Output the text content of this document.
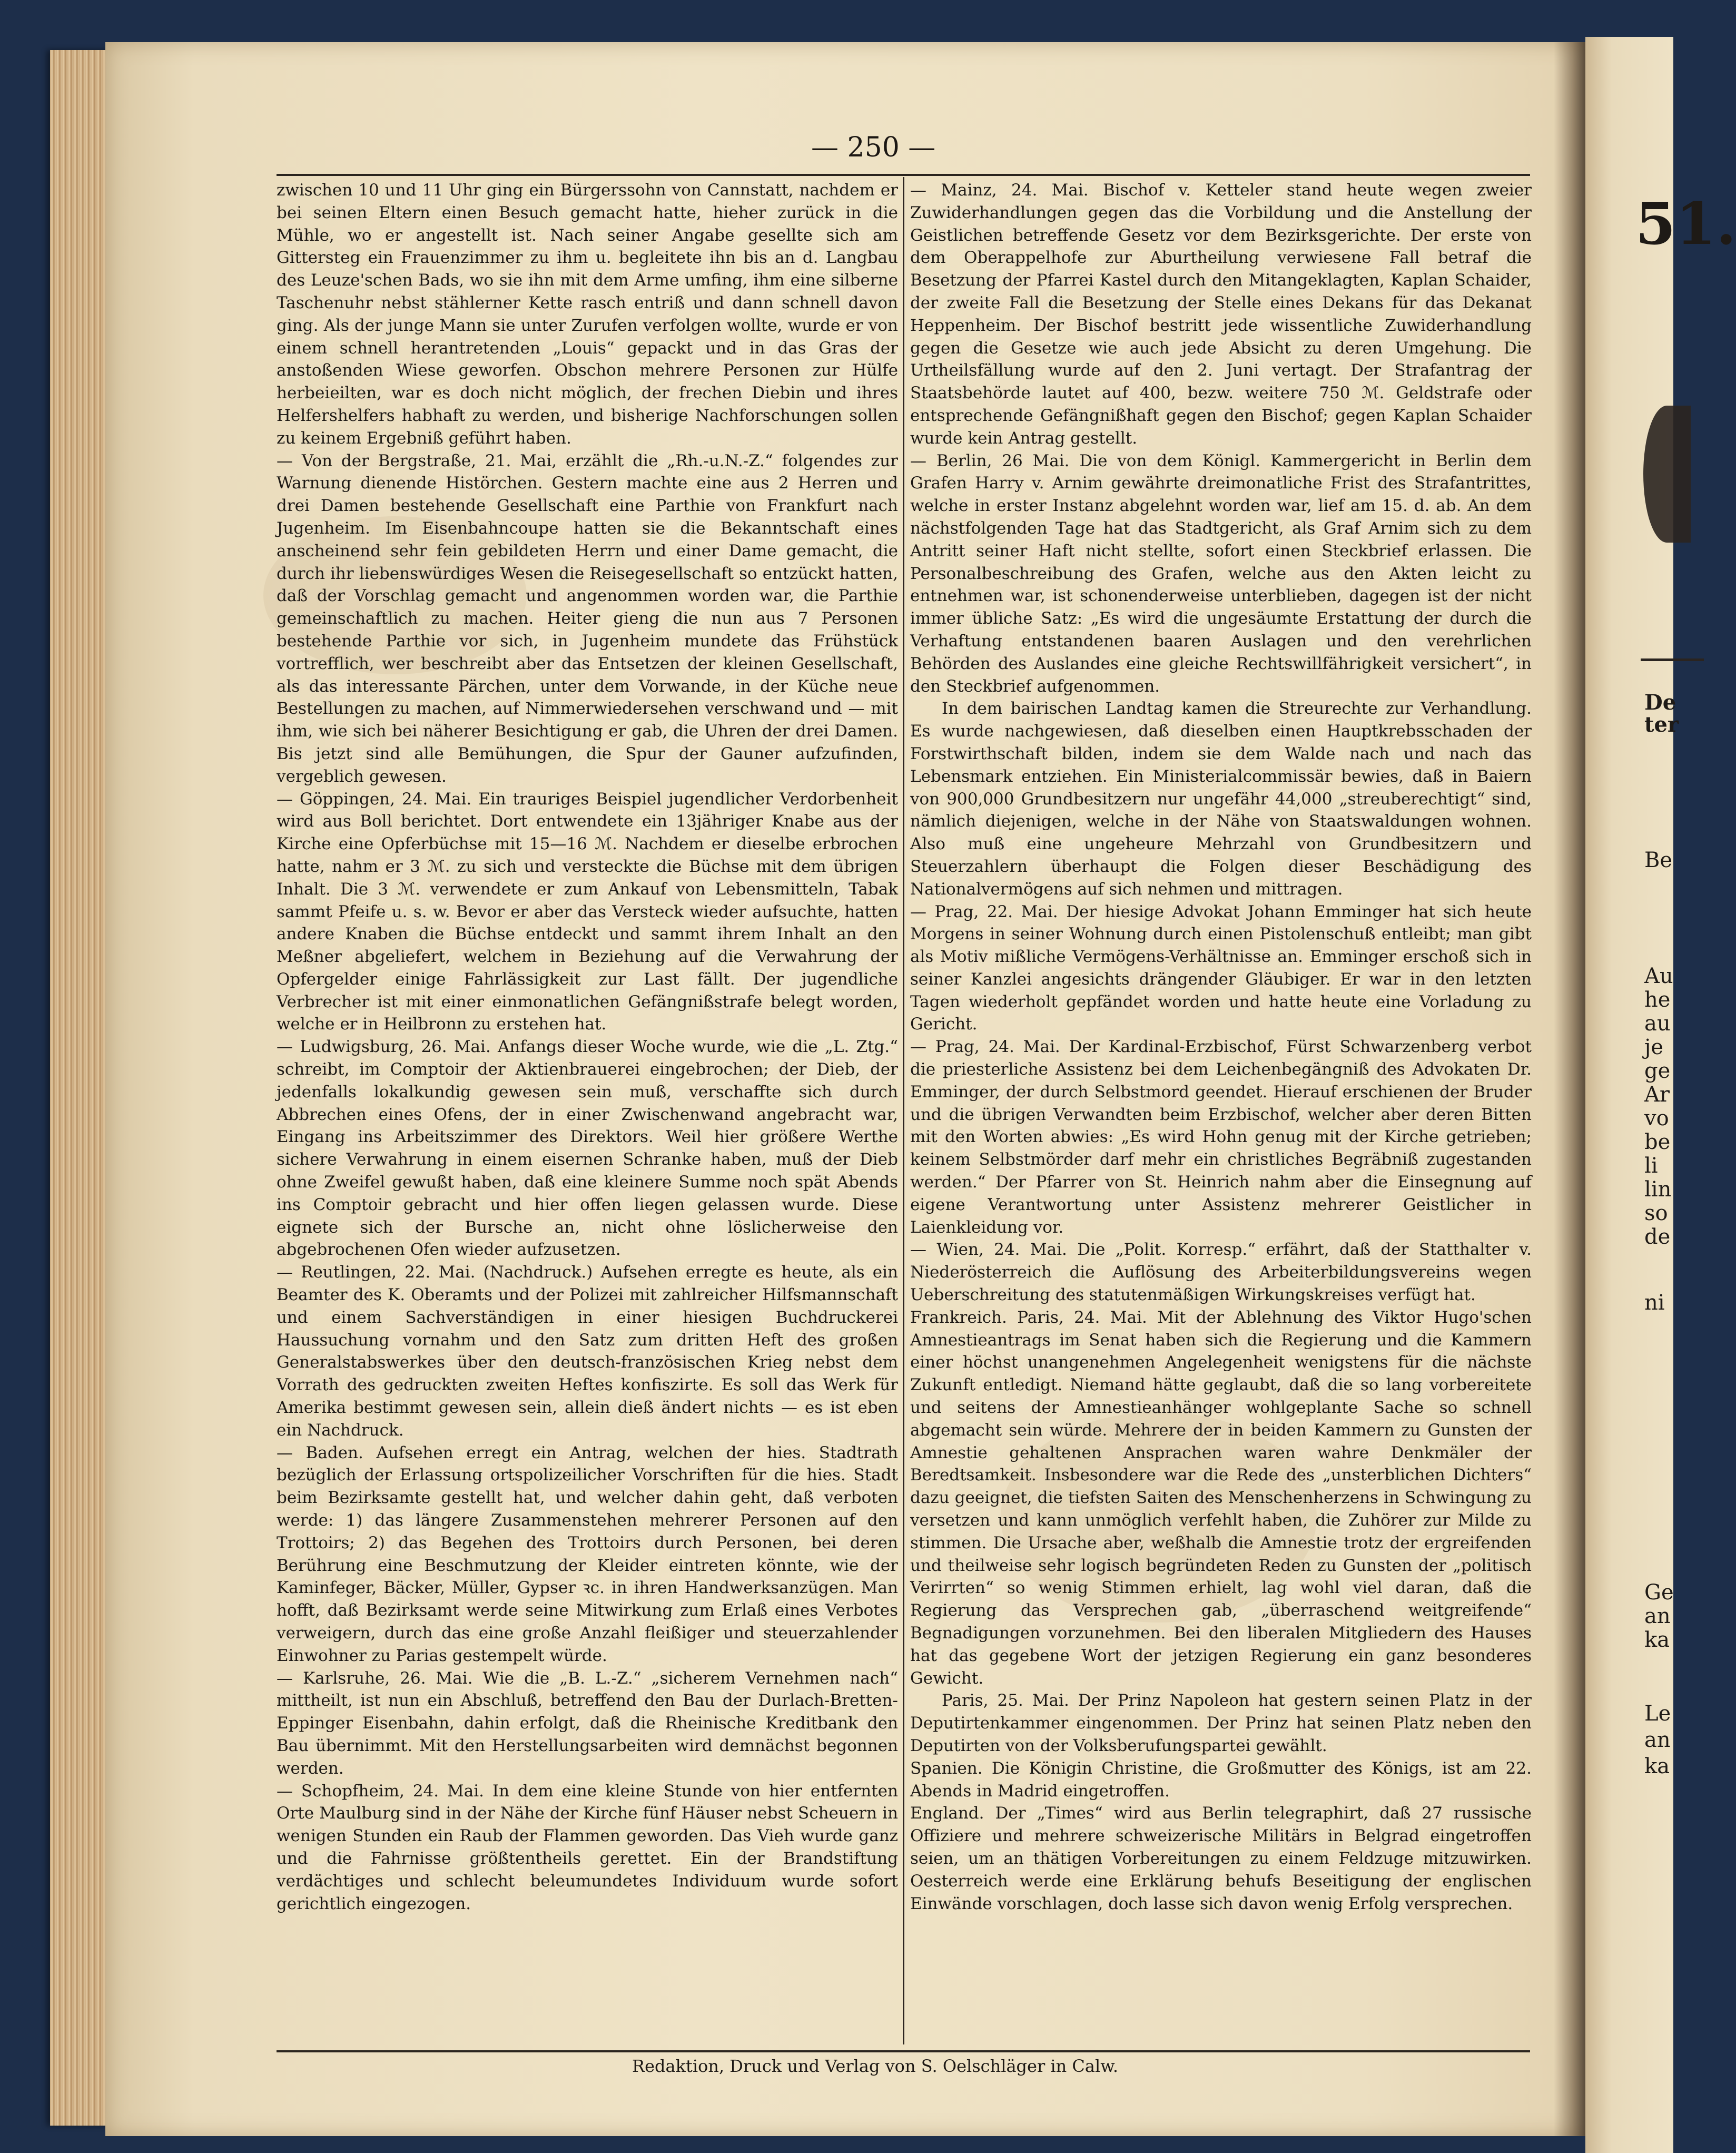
51.
De
ter
Be
Au
he
au
je
ge
Ar
vo
be
li
lin
so
de
ni
Ge
an
ka
Le
an
ka
— 250 —

zwischen 10 und 11 Uhr ging ein Bürgerssohn von Cannstatt, nachdem er bei seinen Eltern einen Besuch gemacht hatte, hieher zurück in die Mühle, wo er angestellt ist. Nach seiner Angabe gesellte sich am Gittersteg ein Frauenzimmer zu ihm u. begleitete ihn bis an d. Langbau des Leuze'schen Bads, wo sie ihn mit dem Arme umfing, ihm eine silberne Taschenuhr nebst stählerner Kette rasch entriß und dann schnell davon ging. Als der junge Mann sie unter Zurufen verfolgen wollte, wurde er von einem schnell herantretenden „Louis“ gepackt und in das Gras der anstoßenden Wiese geworfen. Obschon mehrere Personen zur Hülfe herbeieilten, war es doch nicht möglich, der frechen Diebin und ihres Helfershelfers habhaft zu werden, und bisherige Nachforschungen sollen zu keinem Ergebniß geführt haben.

— Von der Bergstraße, 21. Mai, erzählt die „Rh.-u.N.-Z.“ folgendes zur Warnung dienende Histörchen. Gestern machte eine aus 2 Herren und drei Damen bestehende Gesellschaft eine Parthie von Frankfurt nach Jugenheim. Im Eisenbahncoupe hatten sie die Bekanntschaft eines anscheinend sehr fein gebildeten Herrn und einer Dame gemacht, die durch ihr liebenswürdiges Wesen die Reisegesellschaft so entzückt hatten, daß der Vorschlag gemacht und angenommen worden war, die Parthie gemeinschaftlich zu machen. Heiter gieng die nun aus 7 Personen bestehende Parthie vor sich, in Jugenheim mundete das Frühstück vortrefflich, wer beschreibt aber das Entsetzen der kleinen Gesellschaft, als das interessante Pärchen, unter dem Vorwande, in der Küche neue Bestellungen zu machen, auf Nimmerwiedersehen verschwand und — mit ihm, wie sich bei näherer Besichtigung er gab, die Uhren der drei Damen. Bis jetzt sind alle Bemühungen, die Spur der Gauner aufzufinden, vergeblich gewesen.

— Göppingen, 24. Mai. Ein trauriges Beispiel jugendlicher Verdorbenheit wird aus Boll berichtet. Dort entwendete ein 13jähriger Knabe aus der Kirche eine Opferbüchse mit 15—16 ℳ. Nachdem er dieselbe erbrochen hatte, nahm er 3 ℳ. zu sich und versteckte die Büchse mit dem übrigen Inhalt. Die 3 ℳ. verwendete er zum Ankauf von Lebensmitteln, Tabak sammt Pfeife u. s. w. Bevor er aber das Versteck wieder aufsuchte, hatten andere Knaben die Büchse entdeckt und sammt ihrem Inhalt an den Meßner abgeliefert, welchem in Beziehung auf die Verwahrung der Opfergelder einige Fahrlässigkeit zur Last fällt. Der jugendliche Verbrecher ist mit einer einmonatlichen Gefängnißstrafe belegt worden, welche er in Heilbronn zu erstehen hat.

— Ludwigsburg, 26. Mai. Anfangs dieser Woche wurde, wie die „L. Ztg.“ schreibt, im Comptoir der Aktienbrauerei eingebrochen; der Dieb, der jedenfalls lokalkundig gewesen sein muß, verschaffte sich durch Abbrechen eines Ofens, der in einer Zwischenwand angebracht war, Eingang ins Arbeitszimmer des Direktors. Weil hier größere Werthe sichere Verwahrung in einem eisernen Schranke haben, muß der Dieb ohne Zweifel gewußt haben, daß eine kleinere Summe noch spät Abends ins Comptoir gebracht und hier offen liegen gelassen wurde. Diese eignete sich der Bursche an, nicht ohne löslicherweise den abgebrochenen Ofen wieder aufzusetzen.

— Reutlingen, 22. Mai. (Nachdruck.) Aufsehen erregte es heute, als ein Beamter des K. Oberamts und der Polizei mit zahlreicher Hilfsmannschaft und einem Sachverständigen in einer hiesigen Buchdruckerei Haussuchung vornahm und den Satz zum dritten Heft des großen Generalstabswerkes über den deutsch-französischen Krieg nebst dem Vorrath des gedruckten zweiten Heftes konfiszirte. Es soll das Werk für Amerika bestimmt gewesen sein, allein dieß ändert nichts — es ist eben ein Nachdruck.

— Baden. Aufsehen erregt ein Antrag, welchen der hies. Stadtrath bezüglich der Erlassung ortspolizeilicher Vorschriften für die hies. Stadt beim Bezirksamte gestellt hat, und welcher dahin geht, daß verboten werde: 1) das längere Zusammenstehen mehrerer Personen auf den Trottoirs; 2) das Begehen des Trottoirs durch Personen, bei deren Berührung eine Beschmutzung der Kleider eintreten könnte, wie der Kaminfeger, Bäcker, Müller, Gypser ꝛc. in ihren Handwerksanzügen. Man hofft, daß Bezirksamt werde seine Mitwirkung zum Erlaß eines Verbotes verweigern, durch das eine große Anzahl fleißiger und steuerzahlender Einwohner zu Parias gestempelt würde.

— Karlsruhe, 26. Mai. Wie die „B. L.-Z.“ „sicherem Vernehmen nach“ mittheilt, ist nun ein Abschluß, betreffend den Bau der Durlach-Bretten-Eppinger Eisenbahn, dahin erfolgt, daß die Rheinische Kreditbank den Bau übernimmt. Mit den Herstellungsarbeiten wird demnächst begonnen werden.

— Schopfheim, 24. Mai. In dem eine kleine Stunde von hier entfernten Orte Maulburg sind in der Nähe der Kirche fünf Häuser nebst Scheuern in wenigen Stunden ein Raub der Flammen geworden. Das Vieh wurde ganz und die Fahrnisse größtentheils gerettet. Ein der Brandstiftung verdächtiges und schlecht beleumundetes Individuum wurde sofort gerichtlich eingezogen.

— Mainz, 24. Mai. Bischof v. Ketteler stand heute wegen zweier Zuwiderhandlungen gegen das die Vorbildung und die Anstellung der Geistlichen betreffende Gesetz vor dem Bezirksgerichte. Der erste von dem Oberappelhofe zur Aburtheilung verwiesene Fall betraf die Besetzung der Pfarrei Kastel durch den Mitangeklagten, Kaplan Schaider, der zweite Fall die Besetzung der Stelle eines Dekans für das Dekanat Heppenheim. Der Bischof bestritt jede wissentliche Zuwiderhandlung gegen die Gesetze wie auch jede Absicht zu deren Umgehung. Die Urtheilsfällung wurde auf den 2. Juni vertagt. Der Strafantrag der Staatsbehörde lautet auf 400, bezw. weitere 750 ℳ. Geldstrafe oder entsprechende Gefängnißhaft gegen den Bischof; gegen Kaplan Schaider wurde kein Antrag gestellt.

— Berlin, 26 Mai. Die von dem Königl. Kammergericht in Berlin dem Grafen Harry v. Arnim gewährte dreimonatliche Frist des Strafantrittes, welche in erster Instanz abgelehnt worden war, lief am 15. d. ab. An dem nächstfolgenden Tage hat das Stadtgericht, als Graf Arnim sich zu dem Antritt seiner Haft nicht stellte, sofort einen Steckbrief erlassen. Die Personalbeschreibung des Grafen, welche aus den Akten leicht zu entnehmen war, ist schonenderweise unterblieben, dagegen ist der nicht immer übliche Satz: „Es wird die ungesäumte Erstattung der durch die Verhaftung entstandenen baaren Auslagen und den verehrlichen Behörden des Auslandes eine gleiche Rechtswillfährigkeit versichert“, in den Steckbrief aufgenommen.

In dem bairischen Landtag kamen die Streurechte zur Verhandlung. Es wurde nachgewiesen, daß dieselben einen Hauptkrebsschaden der Forstwirthschaft bilden, indem sie dem Walde nach und nach das Lebensmark entziehen. Ein Ministerialcommissär bewies, daß in Baiern von 900,000 Grundbesitzern nur ungefähr 44,000 „streuberechtigt“ sind, nämlich diejenigen, welche in der Nähe von Staatswaldungen wohnen. Also muß eine ungeheure Mehrzahl von Grundbesitzern und Steuerzahlern überhaupt die Folgen dieser Beschädigung des Nationalvermögens auf sich nehmen und mittragen.

— Prag, 22. Mai. Der hiesige Advokat Johann Emminger hat sich heute Morgens in seiner Wohnung durch einen Pistolenschuß entleibt; man gibt als Motiv mißliche Vermögens-Verhältnisse an. Emminger erschoß sich in seiner Kanzlei angesichts drängender Gläubiger. Er war in den letzten Tagen wiederholt gepfändet worden und hatte heute eine Vorladung zu Gericht.

— Prag, 24. Mai. Der Kardinal-Erzbischof, Fürst Schwarzenberg verbot die priesterliche Assistenz bei dem Leichenbegängniß des Advokaten Dr. Emminger, der durch Selbstmord geendet. Hierauf erschienen der Bruder und die übrigen Verwandten beim Erzbischof, welcher aber deren Bitten mit den Worten abwies: „Es wird Hohn genug mit der Kirche getrieben; keinem Selbstmörder darf mehr ein christliches Begräbniß zugestanden werden.“ Der Pfarrer von St. Heinrich nahm aber die Einsegnung auf eigene Verantwortung unter Assistenz mehrerer Geistlicher in Laienkleidung vor.

— Wien, 24. Mai. Die „Polit. Korresp.“ erfährt, daß der Statthalter v. Niederösterreich die Auflösung des Arbeiterbildungsvereins wegen Ueberschreitung des statutenmäßigen Wirkungskreises verfügt hat.

Frankreich. Paris, 24. Mai. Mit der Ablehnung des Viktor Hugo'schen Amnestieantrags im Senat haben sich die Regierung und die Kammern einer höchst unangenehmen Angelegenheit wenigstens für die nächste Zukunft entledigt. Niemand hätte geglaubt, daß die so lang vorbereitete und seitens der Amnestieanhänger wohlgeplante Sache so schnell abgemacht sein würde. Mehrere der in beiden Kammern zu Gunsten der Amnestie gehaltenen Ansprachen waren wahre Denkmäler der Beredtsamkeit. Insbesondere war die Rede des „unsterblichen Dichters“ dazu geeignet, die tiefsten Saiten des Menschenherzens in Schwingung zu versetzen und kann unmöglich verfehlt haben, die Zuhörer zur Milde zu stimmen. Die Ursache aber, weßhalb die Amnestie trotz der ergreifenden und theilweise sehr logisch begründeten Reden zu Gunsten der „politisch Verirrten“ so wenig Stimmen erhielt, lag wohl viel daran, daß die Regierung das Versprechen gab, „überraschend weitgreifende“ Begnadigungen vorzunehmen. Bei den liberalen Mitgliedern des Hauses hat das gegebene Wort der jetzigen Regierung ein ganz besonderes Gewicht.

Paris, 25. Mai. Der Prinz Napoleon hat gestern seinen Platz in der Deputirtenkammer eingenommen. Der Prinz hat seinen Platz neben den Deputirten von der Volksberufungspartei gewählt.

Spanien. Die Königin Christine, die Großmutter des Königs, ist am 22. Abends in Madrid eingetroffen.

England. Der „Times“ wird aus Berlin telegraphirt, daß 27 russische Offiziere und mehrere schweizerische Militärs in Belgrad eingetroffen seien, um an thätigen Vorbereitungen zu einem Feldzuge mitzuwirken. Oesterreich werde eine Erklärung behufs Beseitigung der englischen Einwände vorschlagen, doch lasse sich davon wenig Erfolg versprechen.

Redaktion, Druck und Verlag von S. Oelschläger in Calw.
